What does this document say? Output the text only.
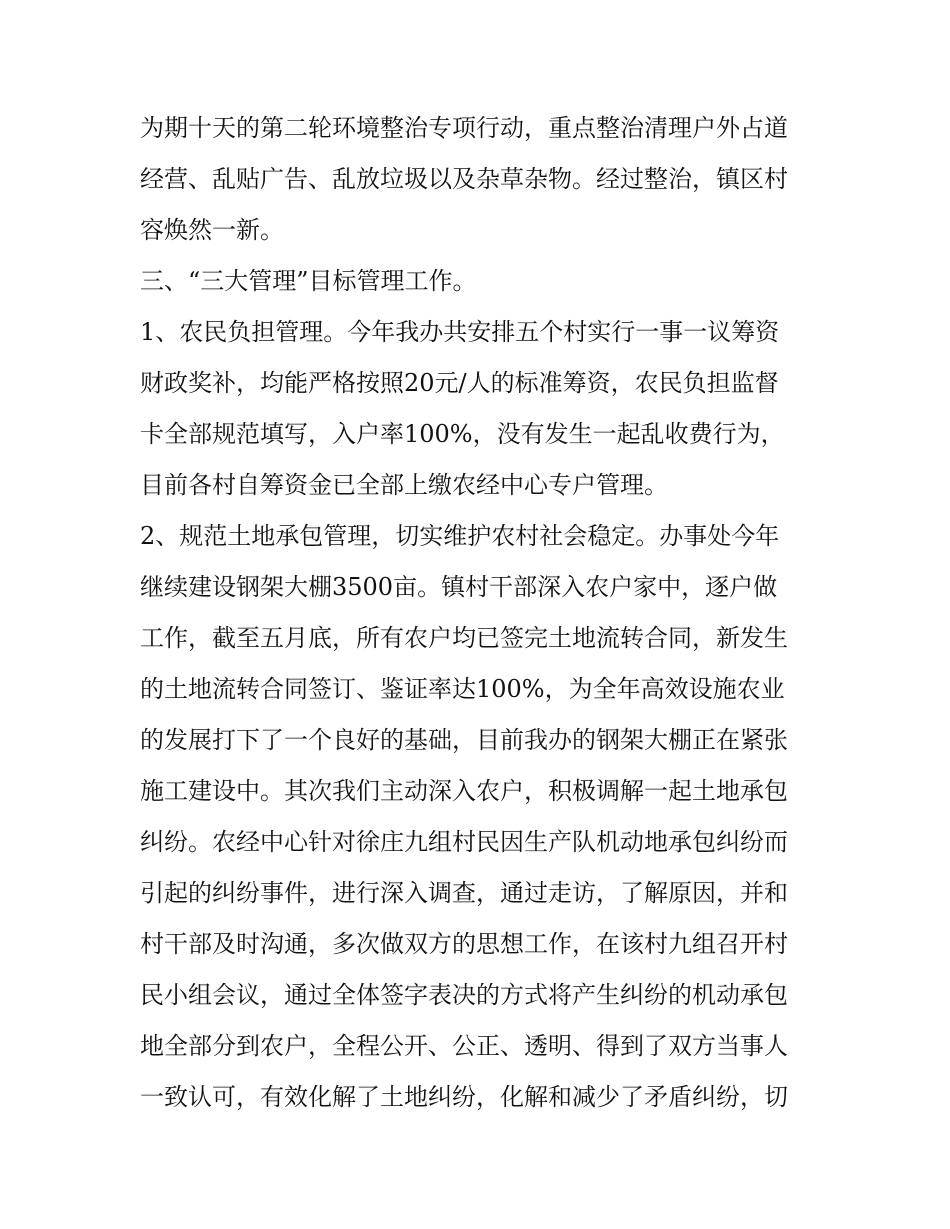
为期十天的第二轮环境整治专项行动，重点整治清理户外占道
经营、乱贴广告、乱放垃圾以及杂草杂物。经过整治，镇区村
容焕然一新。
三、“三大管理”目标管理工作。
1、农民负担管理。今年我办共安排五个村实行一事一议筹资
财政奖补，均能严格按照20元/人的标准筹资，农民负担监督
卡全部规范填写，入户率100%，没有发生一起乱收费行为，
目前各村自筹资金已全部上缴农经中心专户管理。
2、规范土地承包管理，切实维护农村社会稳定。办事处今年
继续建设钢架大棚3500亩。镇村干部深入农户家中，逐户做
工作，截至五月底，所有农户均已签完土地流转合同，新发生
的土地流转合同签订、鉴证率达100%，为全年高效设施农业
的发展打下了一个良好的基础，目前我办的钢架大棚正在紧张
施工建设中。其次我们主动深入农户，积极调解一起土地承包
纠纷。农经中心针对徐庄九组村民因生产队机动地承包纠纷而
引起的纠纷事件，进行深入调查，通过走访，了解原因，并和
村干部及时沟通，多次做双方的思想工作，在该村九组召开村
民小组会议，通过全体签字表决的方式将产生纠纷的机动承包
地全部分到农户，全程公开、公正、透明、得到了双方当事人
一致认可，有效化解了土地纠纷，化解和减少了矛盾纠纷，切
